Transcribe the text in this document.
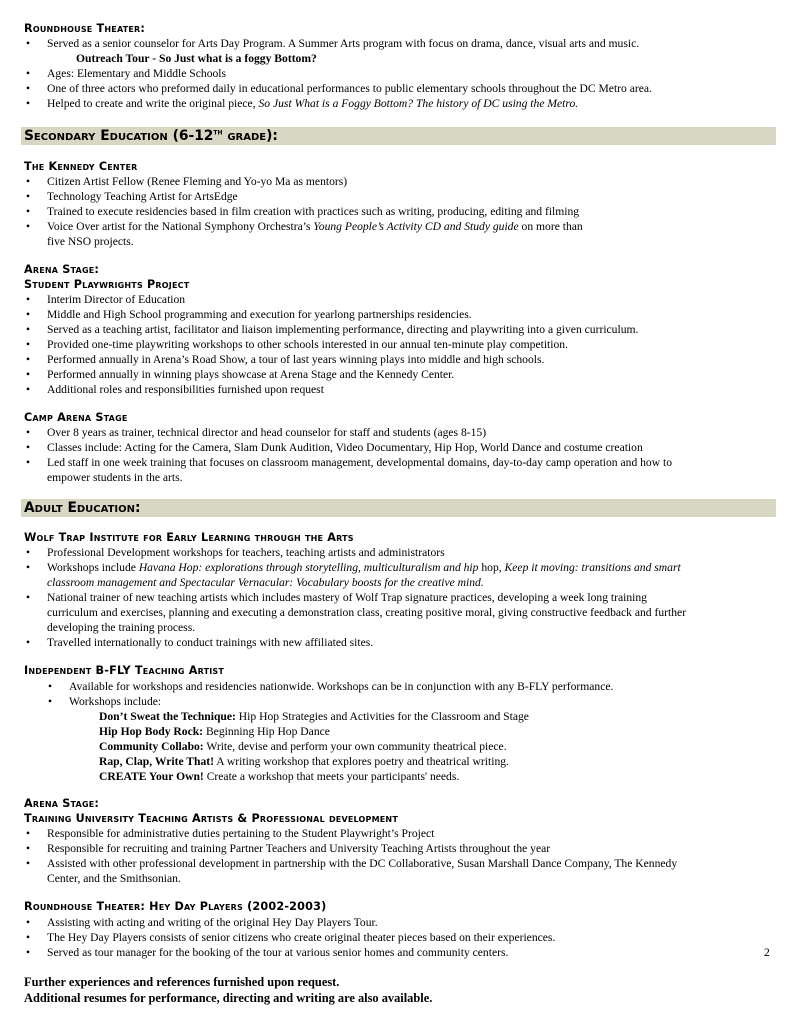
Roundhouse Theater:
• Served as a senior counselor for Arts Day Program. A Summer Arts program with focus on drama, dance, visual arts and music.
Outreach Tour - So Just what is a foggy Bottom?
• Ages: Elementary and Middle Schools
• One of three actors who preformed daily in educational performances to public elementary schools throughout the DC Metro area.
• Helped to create and write the original piece, So Just What is a Foggy Bottom? The history of DC using the Metro.
Secondary Education (6-12th grade):
The Kennedy Center
• Citizen Artist Fellow (Renee Fleming and Yo-yo Ma as mentors)
• Technology Teaching Artist for ArtsEdge
• Trained to execute residencies based in film creation with practices such as writing, producing, editing and filming
• Voice Over artist for the National Symphony Orchestra’s Young People’s Activity CD and Study guide on more than
five NSO projects.
Arena Stage:
Student Playwrights Project
• Interim Director of Education
• Middle and High School programming and execution for yearlong partnerships residencies.
• Served as a teaching artist, facilitator and liaison implementing performance, directing and playwriting into a given curriculum.
• Provided one-time playwriting workshops to other schools interested in our annual ten-minute play competition.
• Performed annually in Arena’s Road Show, a tour of last years winning plays into middle and high schools.
• Performed annually in winning plays showcase at Arena Stage and the Kennedy Center.
• Additional roles and responsibilities furnished upon request
Camp Arena Stage
• Over 8 years as trainer, technical director and head counselor for staff and students (ages 8-15)
• Classes include: Acting for the Camera, Slam Dunk Audition, Video Documentary, Hip Hop, World Dance and costume creation
• Led staff in one week training that focuses on classroom management, developmental domains, day-to-day camp operation and how to
empower students in the arts.
Adult Education:
Wolf Trap Institute for Early Learning through the Arts
• Professional Development workshops for teachers, teaching artists and administrators
• Workshops include Havana Hop: explorations through storytelling, multiculturalism and hip hop, Keep it moving: transitions and smart
classroom management and Spectacular Vernacular: Vocabulary boosts for the creative mind.
• National trainer of new teaching artists which includes mastery of Wolf Trap signature practices, developing a week long training
curriculum and exercises, planning and executing a demonstration class, creating positive moral, giving constructive feedback and further
developing the training process.
• Travelled internationally to conduct trainings with new affiliated sites.
Independent B-FLY Teaching Artist
• Available for workshops and residencies nationwide. Workshops can be in conjunction with any B-FLY performance.
• Workshops include:
Don’t Sweat the Technique: Hip Hop Strategies and Activities for the Classroom and Stage
Hip Hop Body Rock: Beginning Hip Hop Dance
Community Collabo: Write, devise and perform your own community theatrical piece.
Rap, Clap, Write That! A writing workshop that explores poetry and theatrical writing.
CREATE Your Own! Create a workshop that meets your participants' needs.
Arena Stage:
Training University Teaching Artists & Professional development
• Responsible for administrative duties pertaining to the Student Playwright’s Project
• Responsible for recruiting and training Partner Teachers and University Teaching Artists throughout the year
• Assisted with other professional development in partnership with the DC Collaborative, Susan Marshall Dance Company, The Kennedy
Center, and the Smithsonian.
Roundhouse Theater: Hey Day Players (2002-2003)
• Assisting with acting and writing of the original Hey Day Players Tour.
• The Hey Day Players consists of senior citizens who create original theater pieces based on their experiences.
• Served as tour manager for the booking of the tour at various senior homes and community centers.	2
Further experiences and references furnished upon request.
Additional resumes for performance, directing and writing are also available.
